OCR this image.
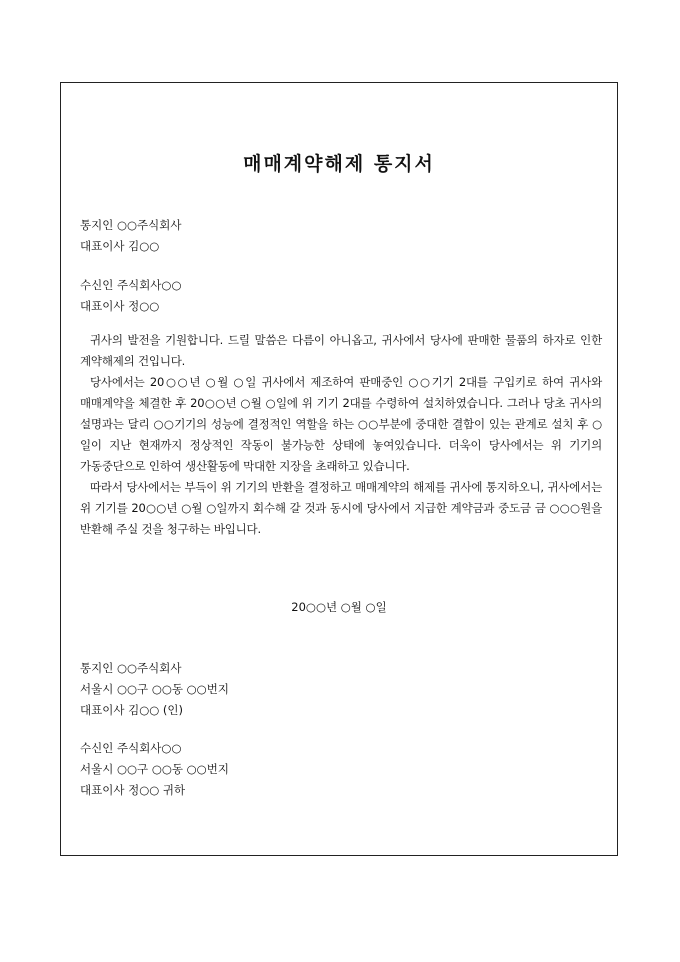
매매계약해제 통지서
통지인 ○○주식회사
대표이사 김○○
수신인 주식회사○○
대표이사 정○○

귀사의 발전을 기원합니다. 드릴 말씀은 다름이 아니옵고, 귀사에서 당사에 판매한 물품의 하자로 인한 계약해제의 건입니다.

당사에서는 20○○년 ○월 ○일 귀사에서 제조하여 판매중인 ○○기기 2대를 구입키로 하여 귀사와 매매계약을 체결한 후 20○○년 ○월 ○일에 위 기기 2대를 수령하여 설치하였습니다. 그러나 당초 귀사의 설명과는 달리 ○○기기의 성능에 결정적인 역할을 하는 ○○부분에 중대한 결함이 있는 관계로 설치 후 ○일이 지난 현재까지 정상적인 작동이 불가능한 상태에 놓여있습니다. 더욱이 당사에서는 위 기기의 가동중단으로 인하여 생산활동에 막대한 지장을 초래하고 있습니다.

따라서 당사에서는 부득이 위 기기의 반환을 결정하고 매매계약의 해제를 귀사에 통지하오니, 귀사에서는 위 기기를 20○○년 ○월 ○일까지 회수해 갈 것과 동시에 당사에서 지급한 계약금과 중도금 금 ○○○원을 반환해 주실 것을 청구하는 바입니다.

20○○년 ○월 ○일
통지인 ○○주식회사
서울시 ○○구 ○○동 ○○번지
대표이사 김○○ (인)
수신인 주식회사○○
서울시 ○○구 ○○동 ○○번지
대표이사 정○○ 귀하
